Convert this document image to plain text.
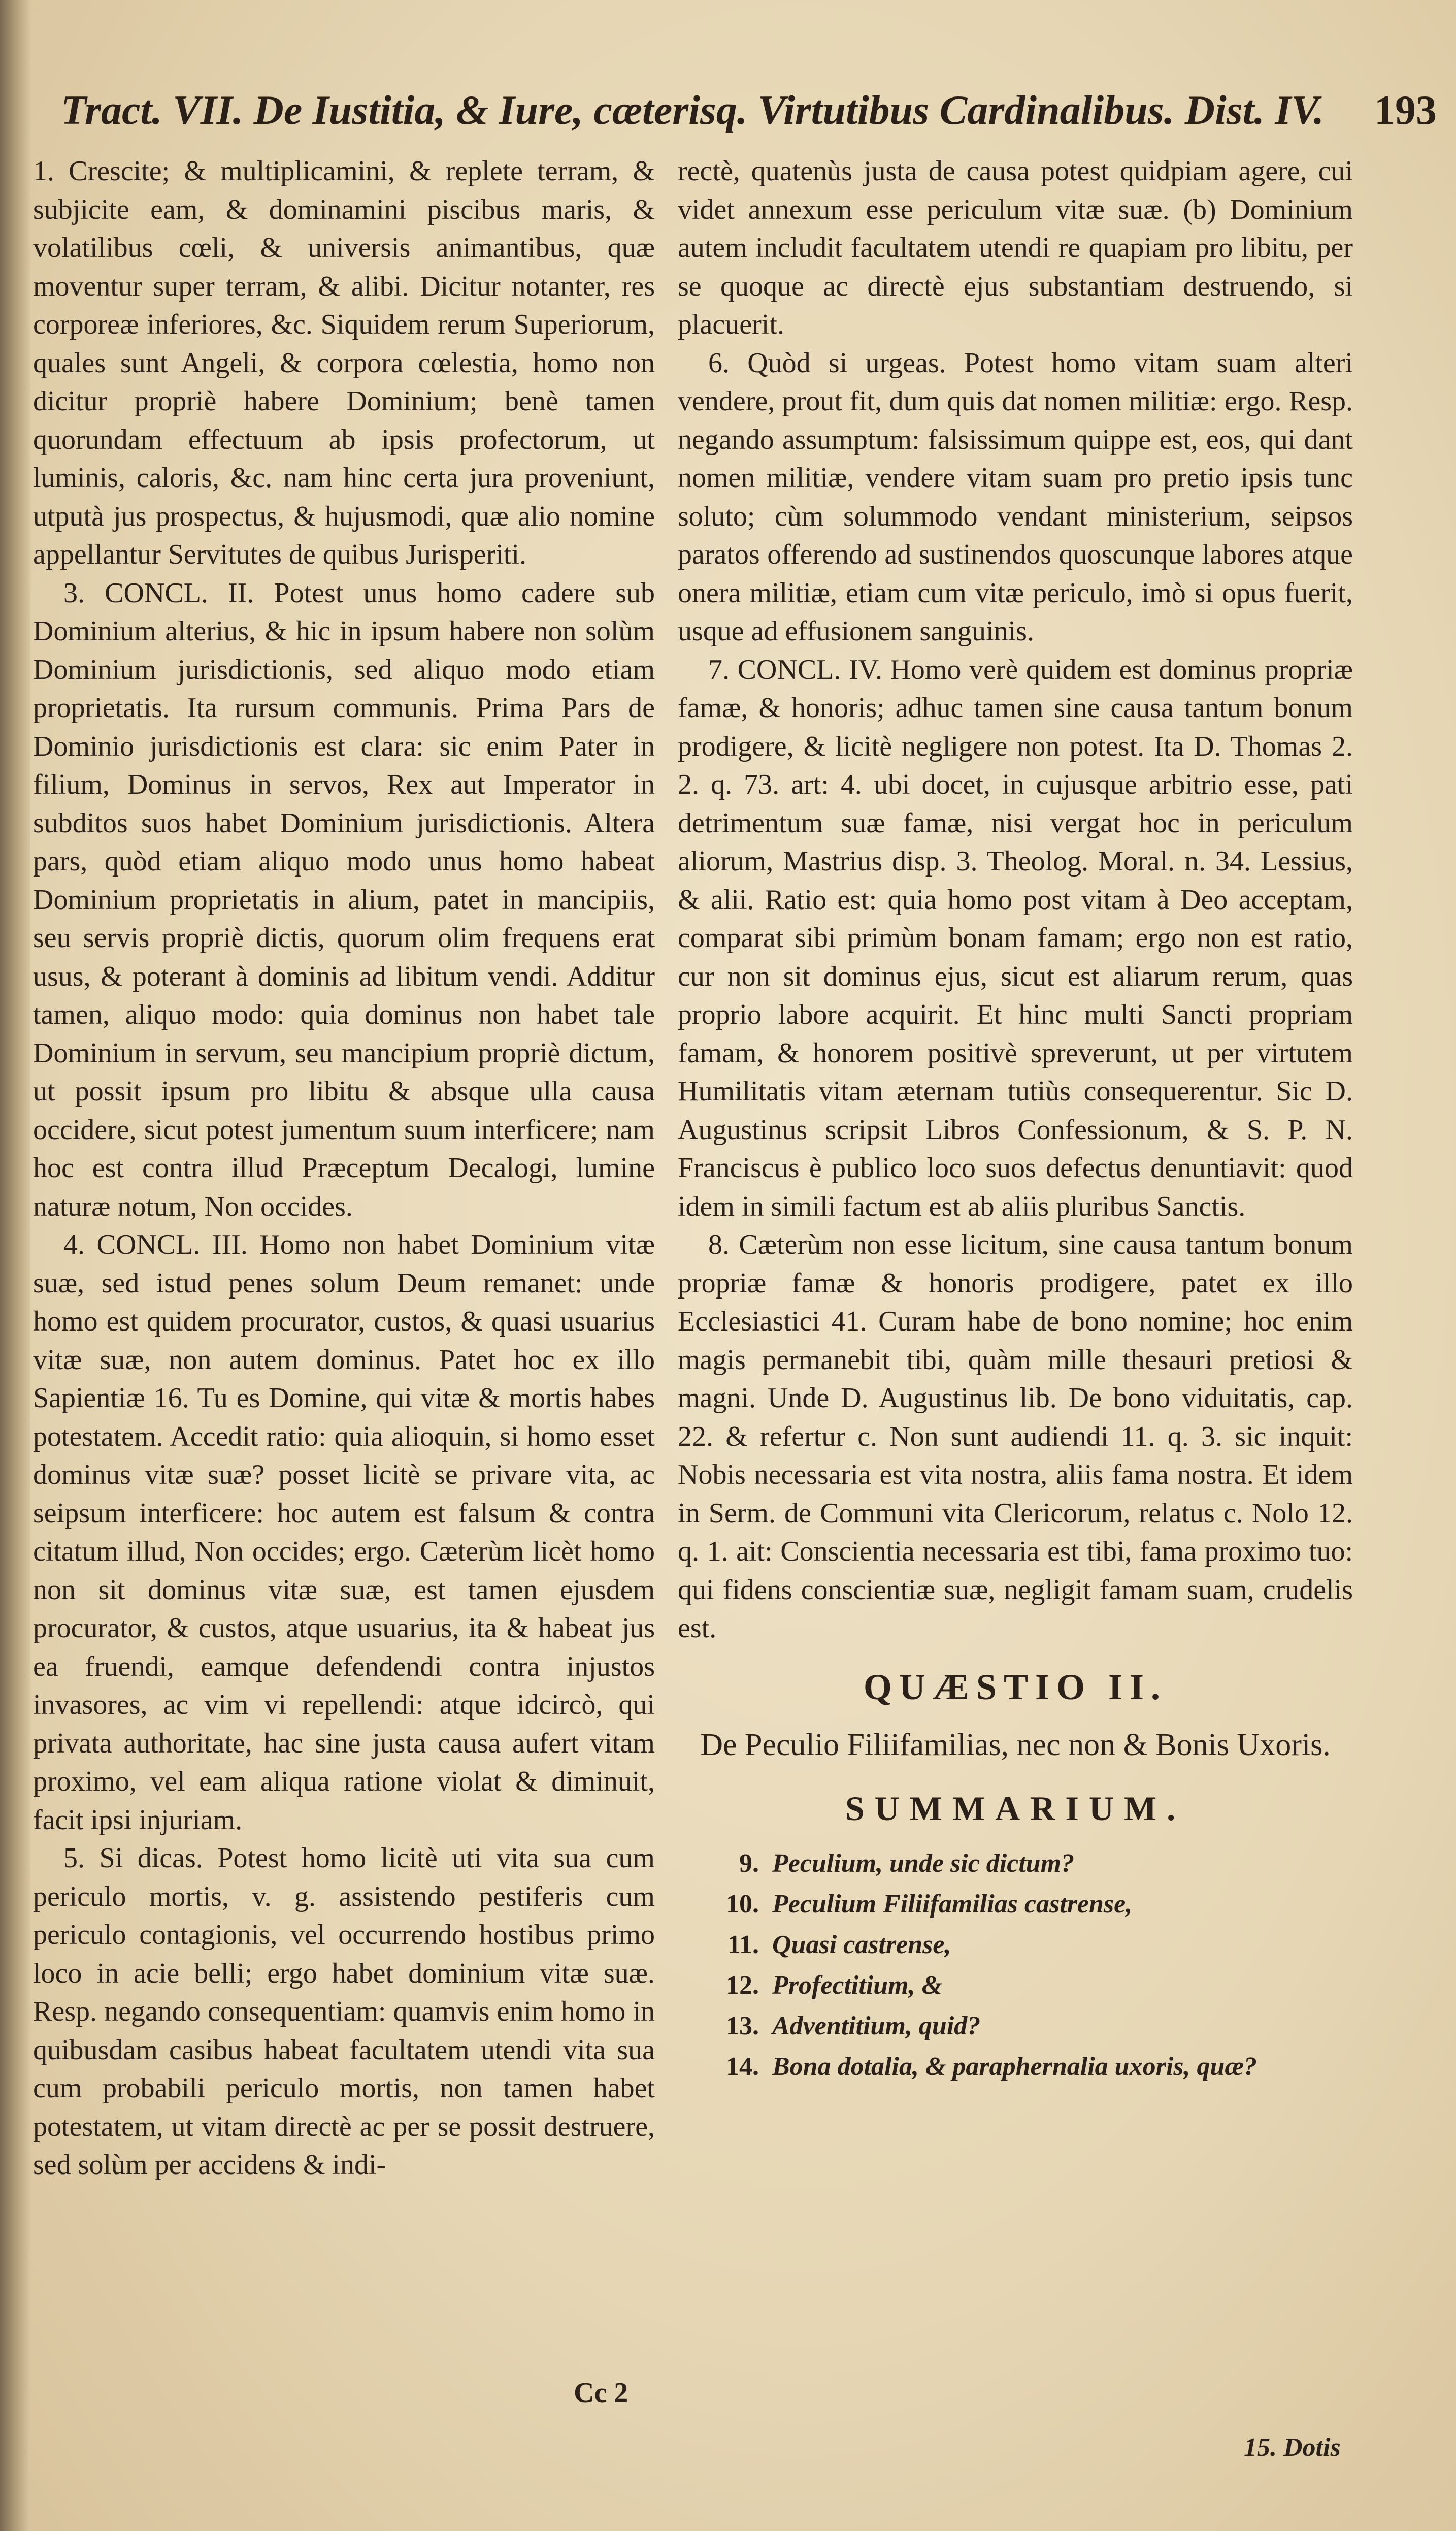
Tract. VII. De Iustitia, & Iure, cæterisq. Virtutibus Cardinalibus. Dist. IV. 193

1. Crescite; & multiplicamini, & replete terram, & subjicite eam, & dominamini piscibus maris, & volatilibus cœli, & universis animantibus, quæ moventur super terram, & alibi. Dicitur notanter, res corporeæ inferiores, &c. Siquidem rerum Superiorum, quales sunt Angeli, & corpora cœlestia, homo non dicitur propriè habere Dominium; benè tamen quorundam effectuum ab ipsis profectorum, ut luminis, caloris, &c. nam hinc certa jura proveniunt, utputà jus prospectus, & hujusmodi, quæ alio nomine appellantur Servitutes de quibus Jurisperiti.

3. CONCL. II. Potest unus homo cadere sub Dominium alterius, & hic in ipsum habere non solùm Dominium jurisdictionis, sed aliquo modo etiam proprietatis. Ita rursum communis. Prima Pars de Dominio jurisdictionis est clara: sic enim Pater in filium, Dominus in servos, Rex aut Imperator in subditos suos habet Dominium jurisdictionis. Altera pars, quòd etiam aliquo modo unus homo habeat Dominium proprietatis in alium, patet in mancipiis, seu servis propriè dictis, quorum olim frequens erat usus, & poterant à dominis ad libitum vendi. Additur tamen, aliquo modo: quia dominus non habet tale Dominium in servum, seu mancipium propriè dictum, ut possit ipsum pro libitu & absque ulla causa occidere, sicut potest jumentum suum interficere; nam hoc est contra illud Præceptum Decalogi, lumine naturæ notum, Non occides.

4. CONCL. III. Homo non habet Dominium vitæ suæ, sed istud penes solum Deum remanet: unde homo est quidem procurator, custos, & quasi usuarius vitæ suæ, non autem dominus. Patet hoc ex illo Sapientiæ 16. Tu es Domine, qui vitæ & mortis habes potestatem. Accedit ratio: quia alioquin, si homo esset dominus vitæ suæ? posset licitè se privare vita, ac seipsum interficere: hoc autem est falsum & contra citatum illud, Non occides; ergo. Cæterùm licèt homo non sit dominus vitæ suæ, est tamen ejusdem procurator, & custos, atque usuarius, ita & habeat jus ea fruendi, eamque defendendi contra injustos invasores, ac vim vi repellendi: atque idcircò, qui privata authoritate, hac sine justa causa aufert vitam proximo, vel eam aliqua ratione violat & diminuit, facit ipsi injuriam.

5. Si dicas. Potest homo licitè uti vita sua cum periculo mortis, v. g. assistendo pestiferis cum periculo contagionis, vel occurrendo hostibus primo loco in acie belli; ergo habet dominium vitæ suæ. Resp. negando consequentiam: quamvis enim homo in quibusdam casibus habeat facultatem utendi vita sua cum probabili periculo mortis, non tamen habet potestatem, ut vitam directè ac per se possit destruere, sed solùm per accidens & indi-

rectè, quatenùs justa de causa potest quidpiam agere, cui videt annexum esse periculum vitæ suæ. (b) Dominium autem includit facultatem utendi re quapiam pro libitu, per se quoque ac directè ejus substantiam destruendo, si placuerit.

6. Quòd si urgeas. Potest homo vitam suam alteri vendere, prout fit, dum quis dat nomen militiæ: ergo. Resp. negando assumptum: falsissimum quippe est, eos, qui dant nomen militiæ, vendere vitam suam pro pretio ipsis tunc soluto; cùm solummodo vendant ministerium, seipsos paratos offerendo ad sustinendos quoscunque labores atque onera militiæ, etiam cum vitæ periculo, imò si opus fuerit, usque ad effusionem sanguinis.

7. CONCL. IV. Homo verè quidem est dominus propriæ famæ, & honoris; adhuc tamen sine causa tantum bonum prodigere, & licitè negligere non potest. Ita D. Thomas 2. 2. q. 73. art: 4. ubi docet, in cujusque arbitrio esse, pati detrimentum suæ famæ, nisi vergat hoc in periculum aliorum, Mastrius disp. 3. Theolog. Moral. n. 34. Lessius, & alii. Ratio est: quia homo post vitam à Deo acceptam, comparat sibi primùm bonam famam; ergo non est ratio, cur non sit dominus ejus, sicut est aliarum rerum, quas proprio labore acquirit. Et hinc multi Sancti propriam famam, & honorem positivè spreverunt, ut per virtutem Humilitatis vitam æternam tutiùs consequerentur. Sic D. Augustinus scripsit Libros Confessionum, & S. P. N. Franciscus è publico loco suos defectus denuntiavit: quod idem in simili factum est ab aliis pluribus Sanctis.

8. Cæterùm non esse licitum, sine causa tantum bonum propriæ famæ & honoris prodigere, patet ex illo Ecclesiastici 41. Curam habe de bono nomine; hoc enim magis permanebit tibi, quàm mille thesauri pretiosi & magni. Unde D. Augustinus lib. De bono viduitatis, cap. 22. & refertur c. Non sunt audiendi 11. q. 3. sic inquit: Nobis necessaria est vita nostra, aliis fama nostra. Et idem in Serm. de Communi vita Clericorum, relatus c. Nolo 12. q. 1. ait: Conscientia necessaria est tibi, fama proximo tuo: qui fidens conscientiæ suæ, negligit famam suam, crudelis est.

QUÆSTIO II.
De Peculio Filiifamilias, nec non & Bonis Uxoris.
SUMMARIUM.
9. Peculium, unde sic dictum?
10. Peculium Filiifamilias castrense,
11. Quasi castrense,
12. Profectitium, &
13. Adventitium, quid?
14. Bona dotalia, & paraphernalia uxoris, quæ?
Cc 2
15. Dotis
